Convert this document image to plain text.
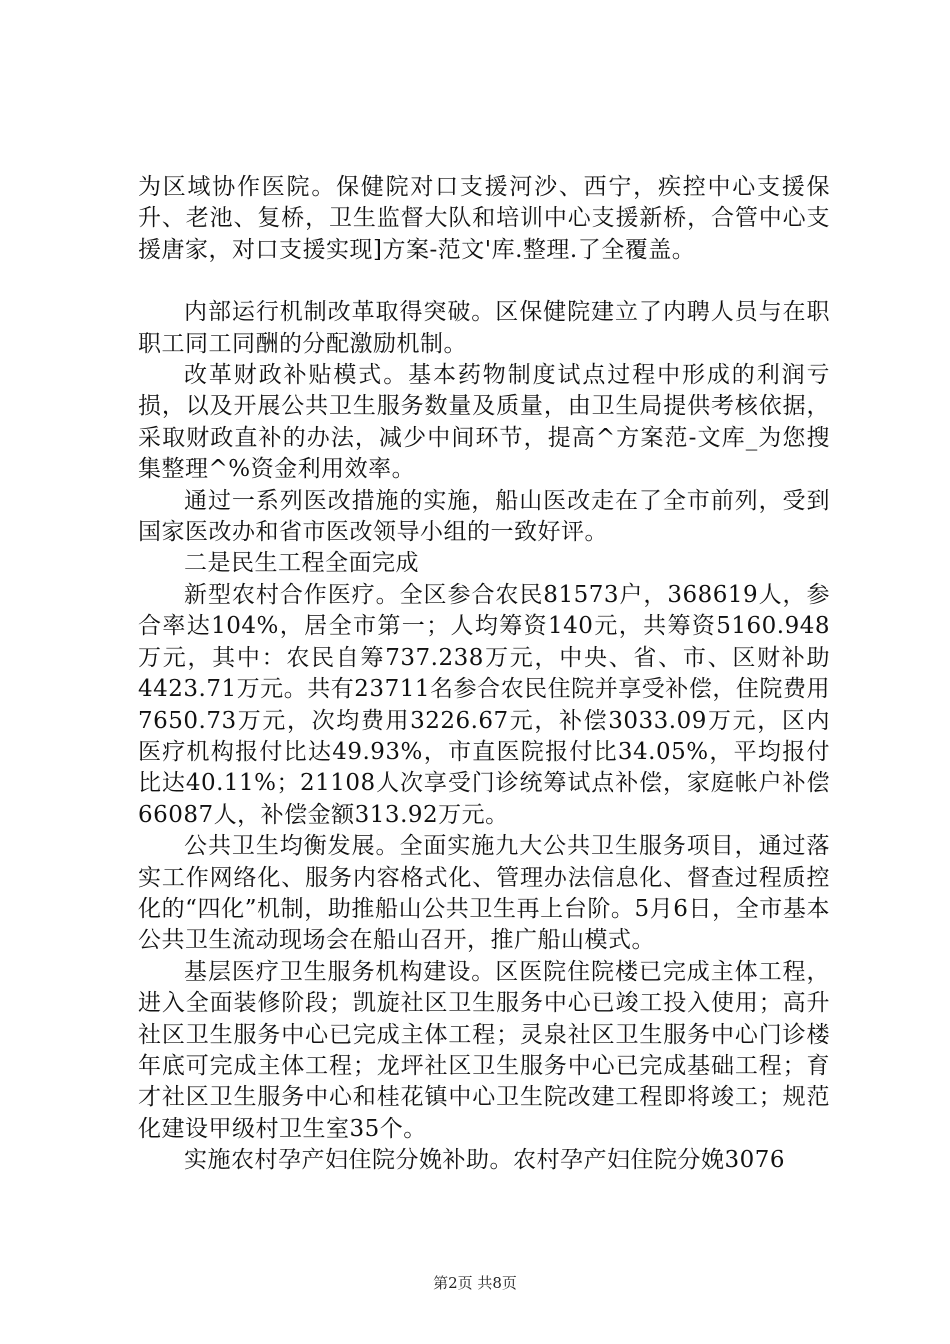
为区域协作医院。保健院对口支援河沙、西宁，疾控中心支援保升、老池、复桥，卫生监督大队和培训中心支援新桥，合管中心支援唐家，对口支援实现]方案-范文'库.整理.了全覆盖。

内部运行机制改革取得突破。区保健院建立了内聘人员与在职职工同工同酬的分配激励机制。

改革财政补贴模式。基本药物制度试点过程中形成的利润亏损，以及开展公共卫生服务数量及质量，由卫生局提供考核依据，采取财政直补的办法，减少中间环节，提高^方案范-文库_为您搜集整理^%资金利用效率。

通过一系列医改措施的实施，船山医改走在了全市前列，受到国家医改办和省市医改领导小组的一致好评。

二是民生工程全面完成

新型农村合作医疗。全区参合农民81573户，368619人，参合率达104%，居全市第一；人均筹资140元，共筹资5160.948万元，其中：农民自筹737.238万元，中央、省、市、区财补助4423.71万元。共有23711名参合农民住院并享受补偿，住院费用7650.73万元，次均费用3226.67元，补偿3033.09万元，区内医疗机构报付比达49.93%，市直医院报付比34.05%，平均报付比达40.11%；21108人次享受门诊统筹试点补偿，家庭帐户补偿66087人，补偿金额313.92万元。

公共卫生均衡发展。全面实施九大公共卫生服务项目，通过落实工作网络化、服务内容格式化、管理办法信息化、督查过程质控化的“四化”机制，助推船山公共卫生再上台阶。5月6日，全市基本公共卫生流动现场会在船山召开，推广船山模式。

基层医疗卫生服务机构建设。区医院住院楼已完成主体工程，进入全面装修阶段；凯旋社区卫生服务中心已竣工投入使用；高升社区卫生服务中心已完成主体工程；灵泉社区卫生服务中心门诊楼年底可完成主体工程；龙坪社区卫生服务中心已完成基础工程；育才社区卫生服务中心和桂花镇中心卫生院改建工程即将竣工；规范化建设甲级村卫生室35个。

实施农村孕产妇住院分娩补助。农村孕产妇住院分娩3076

第2页 共8页
